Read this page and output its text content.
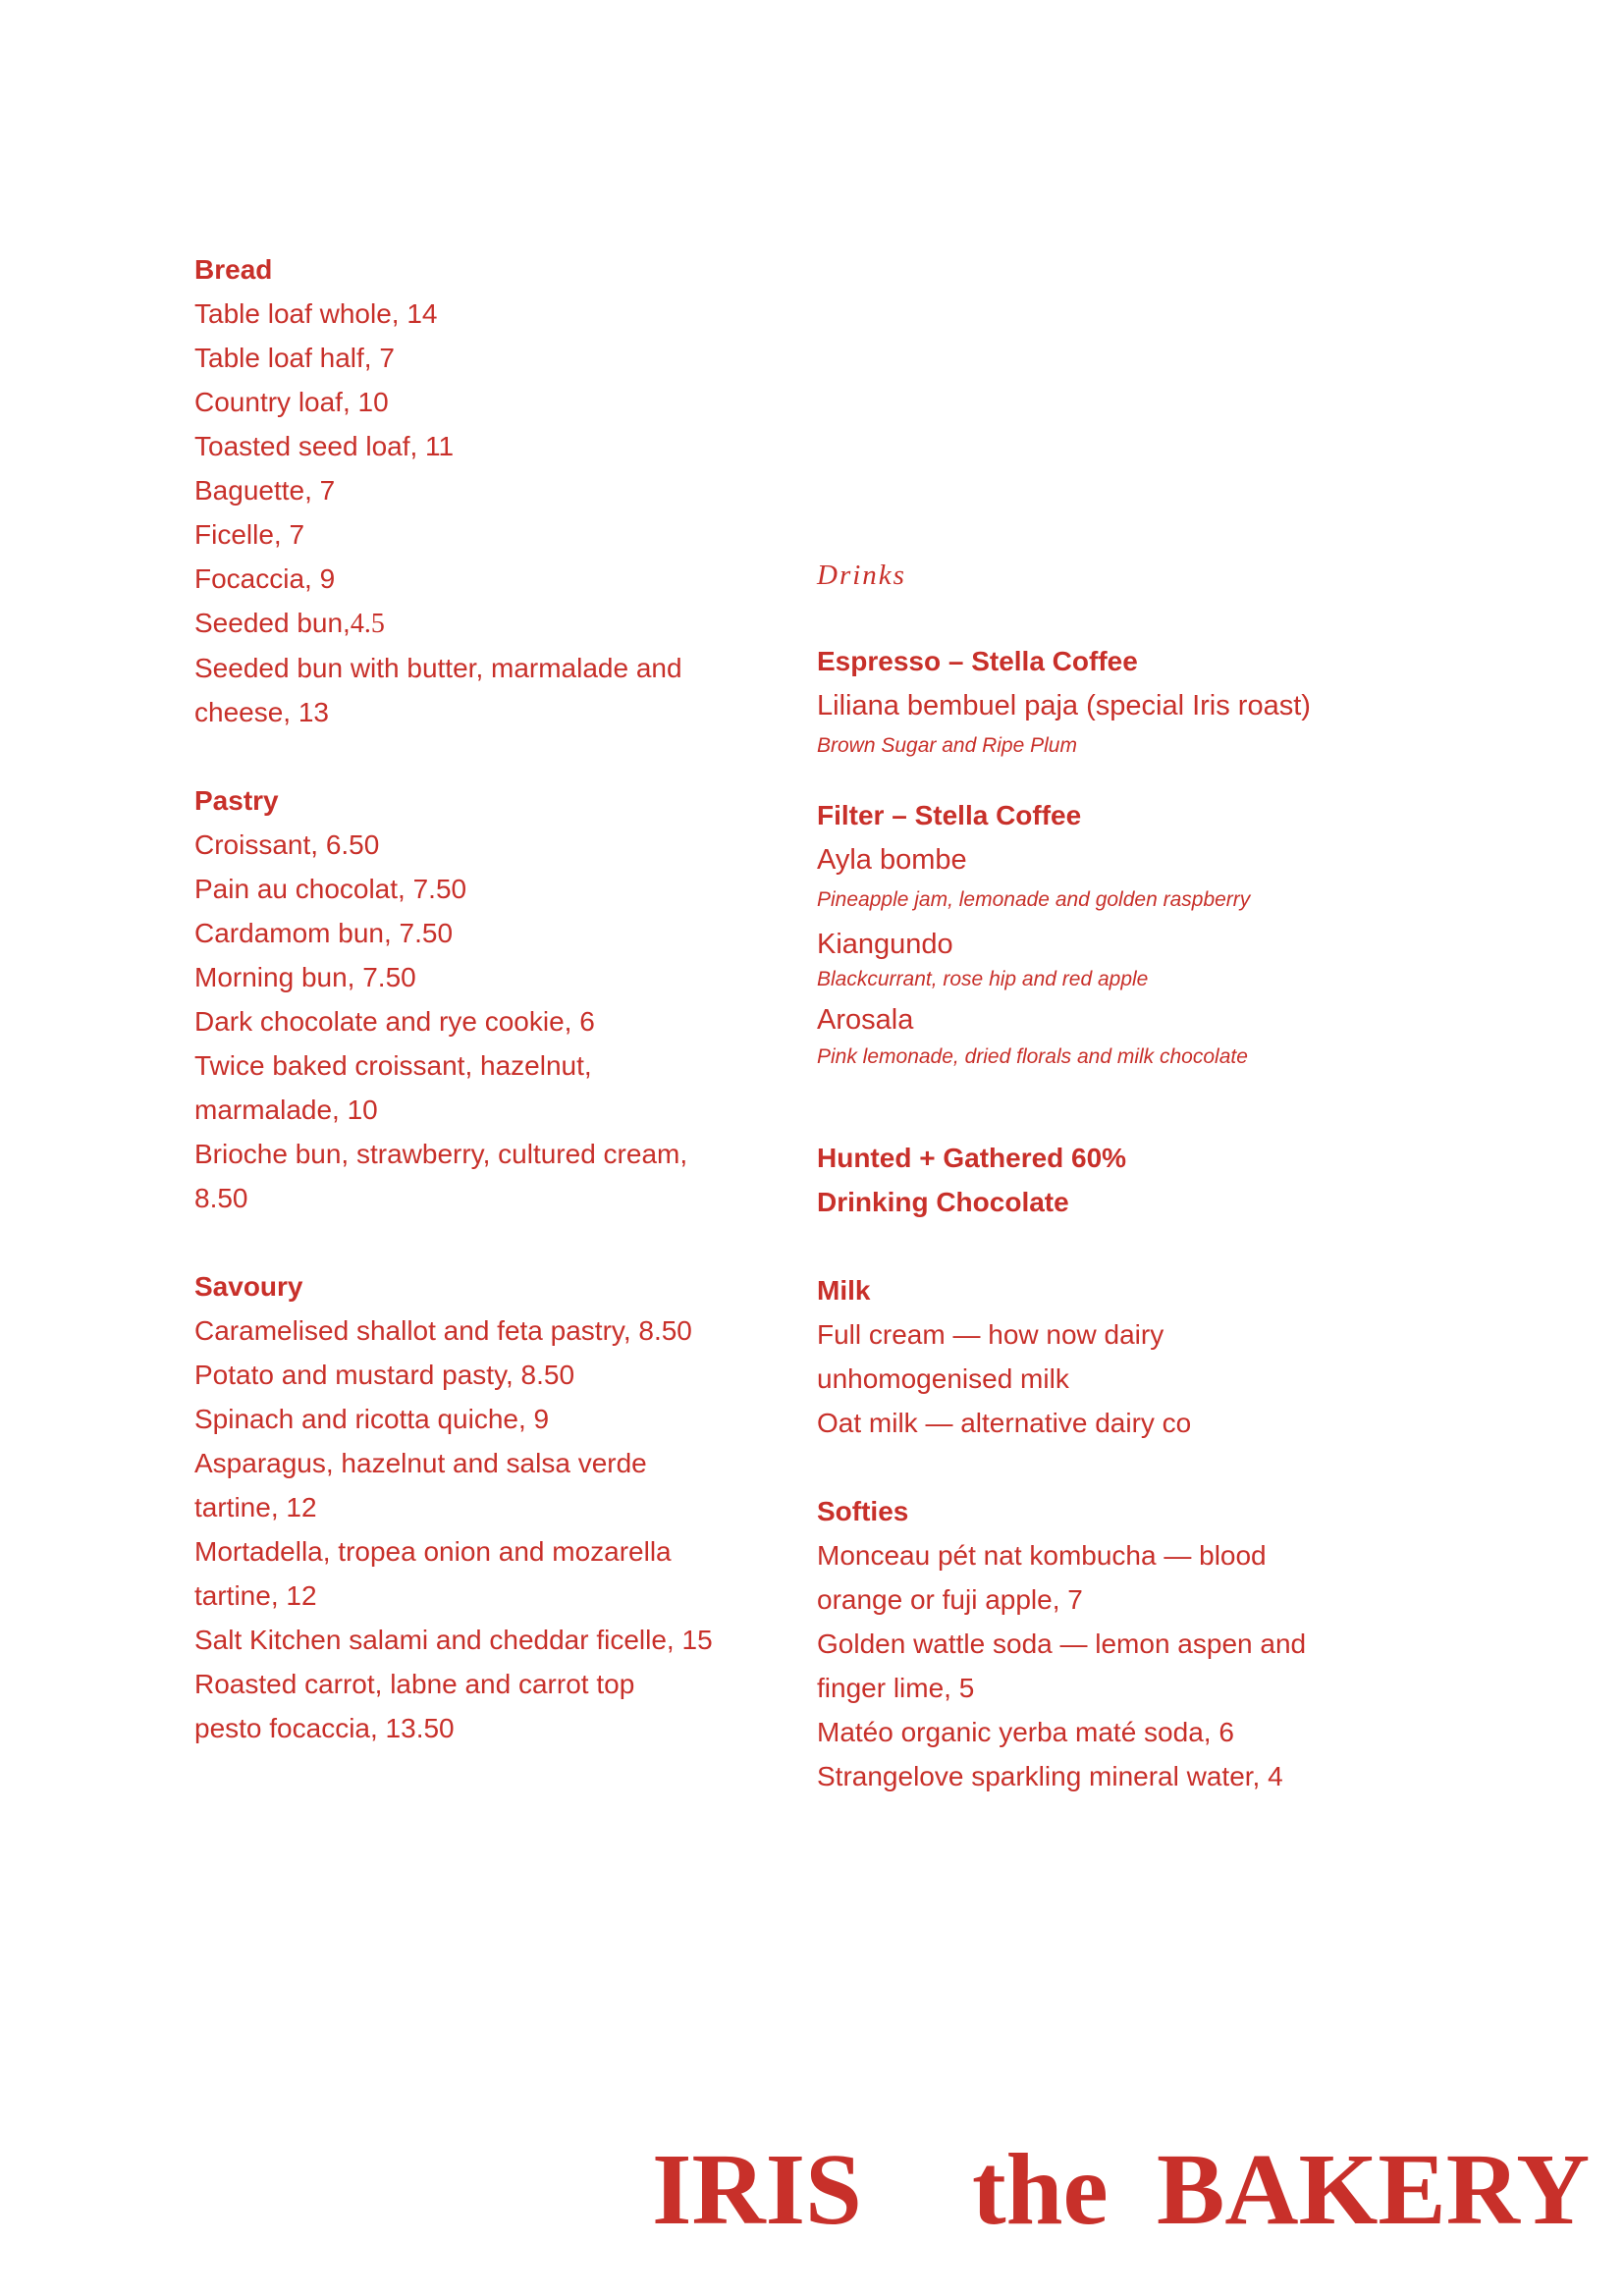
Bread

Table loaf whole, 14

Table loaf half, 7

Country loaf, 10

Toasted seed loaf, 11

Baguette, 7

Ficelle, 7

Focaccia, 9

Seeded bun,4.5

Seeded bun with butter, marmalade and

cheese, 13

Pastry

Croissant, 6.50

Pain au chocolat, 7.50

Cardamom bun, 7.50

Morning bun, 7.50

Dark chocolate and rye cookie, 6

Twice baked croissant, hazelnut,

marmalade, 10

Brioche bun, strawberry, cultured cream,

8.50

Savoury

Caramelised shallot and feta pastry, 8.50

Potato and mustard pasty, 8.50

Spinach and ricotta quiche, 9

Asparagus, hazelnut and salsa verde

tartine, 12

Mortadella, tropea onion and mozarella

tartine, 12

Salt Kitchen salami and cheddar ficelle, 15

Roasted carrot, labne and carrot top

pesto focaccia, 13.50

Drinks

Espresso – Stella Coffee

Liliana bembuel paja (special Iris roast)

Brown Sugar and Ripe Plum

Filter – Stella Coffee

Ayla bombe

Pineapple jam, lemonade and golden raspberry

Kiangundo

Blackcurrant, rose hip and red apple

Arosala

Pink lemonade, dried florals and milk chocolate

Hunted + Gathered 60%

Drinking Chocolate

Milk

Full cream — how now dairy

unhomogenised milk

Oat milk — alternative dairy co

Softies

Monceau pét nat kombucha — blood

orange or fuji apple, 7

Golden wattle soda — lemon aspen and

finger lime, 5

Matéo organic yerba maté soda, 6

Strangelove sparkling mineral water, 4

IRIS the BAKERY
